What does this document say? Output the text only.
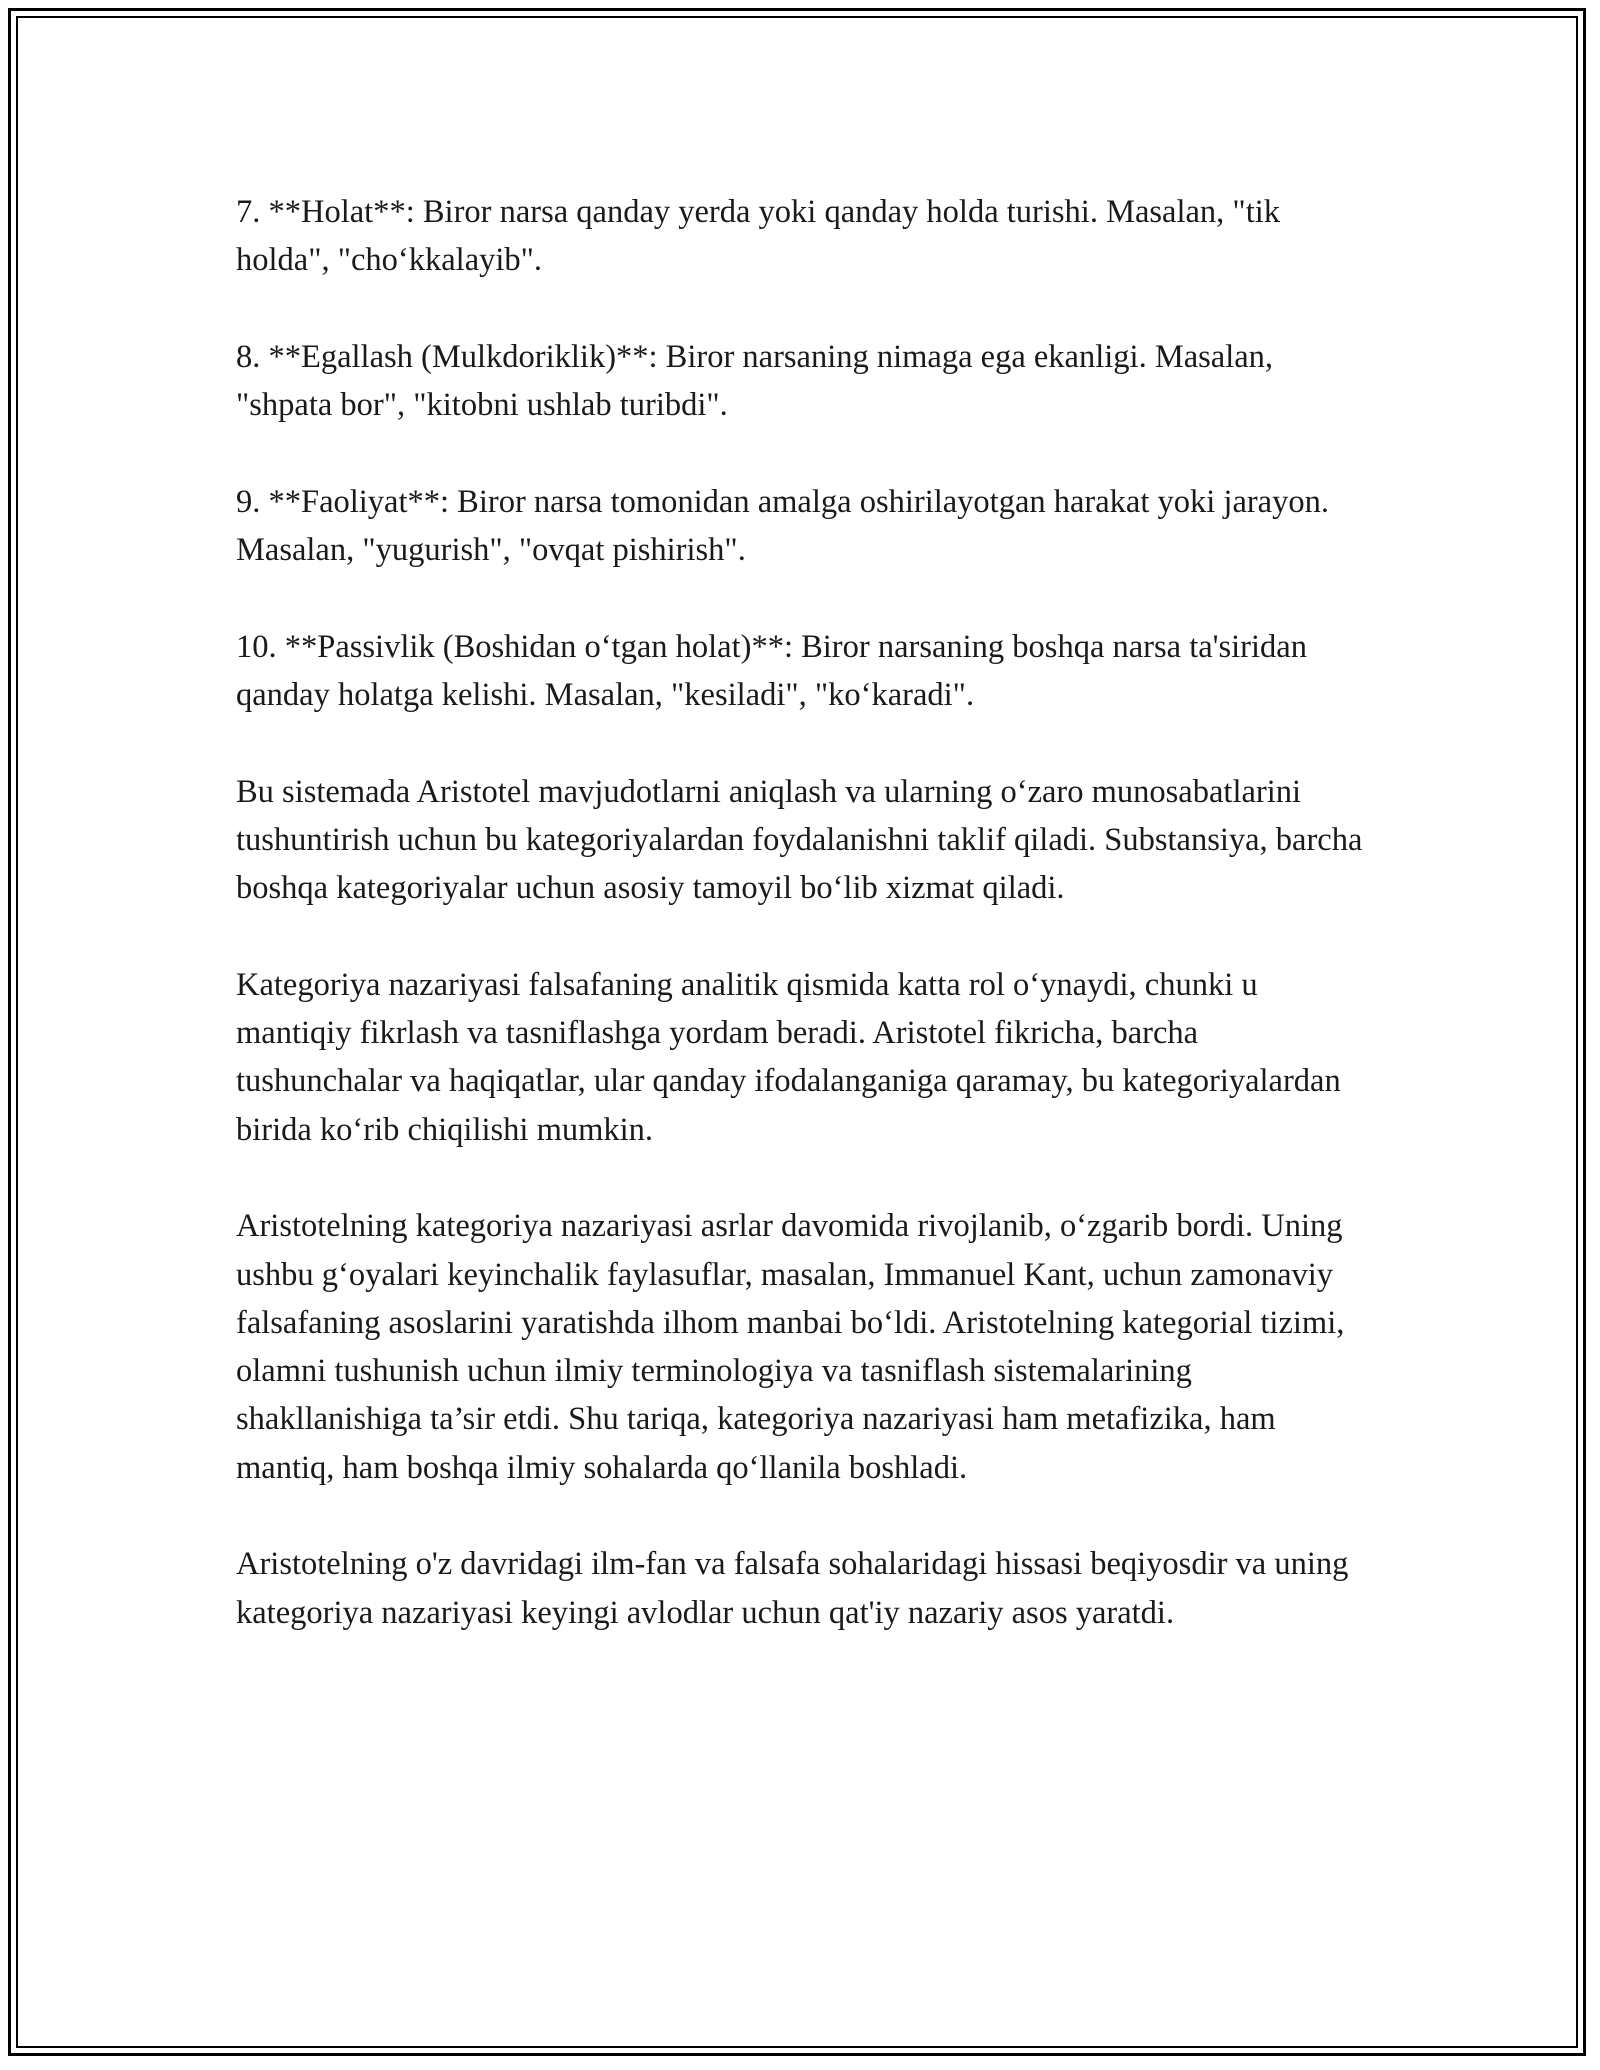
7. **Holat**: Biror narsa qanday yerda yoki qanday holda turishi. Masalan, "tik holda", "cho‘kkalayib".

8. **Egallash (Mulkdoriklik)**: Biror narsaning nimaga ega ekanligi. Masalan, "shpata bor", "kitobni ushlab turibdi".

9. **Faoliyat**: Biror narsa tomonidan amalga oshirilayotgan harakat yoki jarayon. Masalan, "yugurish", "ovqat pishirish".

10. **Passivlik (Boshidan o‘tgan holat)**: Biror narsaning boshqa narsa ta'siridan qanday holatga kelishi. Masalan, "kesiladi", "ko‘karadi".

Bu sistemada Aristotel mavjudotlarni aniqlash va ularning o‘zaro munosabatlarini tushuntirish uchun bu kategoriyalardan foydalanishni taklif qiladi. Substansiya, barcha boshqa kategoriyalar uchun asosiy tamoyil bo‘lib xizmat qiladi.

Kategoriya nazariyasi falsafaning analitik qismida katta rol o‘ynaydi, chunki u mantiqiy fikrlash va tasniflashga yordam beradi. Aristotel fikricha, barcha tushunchalar va haqiqatlar, ular qanday ifodalanganiga qaramay, bu kategoriyalardan birida ko‘rib chiqilishi mumkin.

Aristotelning kategoriya nazariyasi asrlar davomida rivojlanib, o‘zgarib bordi. Uning ushbu g‘oyalari keyinchalik faylasuflar, masalan, Immanuel Kant, uchun zamonaviy falsafaning asoslarini yaratishda ilhom manbai bo‘ldi. Aristotelning kategorial tizimi, olamni tushunish uchun ilmiy terminologiya va tasniflash sistemalarining shakllanishiga ta’sir etdi. Shu tariqa, kategoriya nazariyasi ham metafizika, ham mantiq, ham boshqa ilmiy sohalarda qo‘llanila boshladi.

Aristotelning o'z davridagi ilm-fan va falsafa sohalaridagi hissasi beqiyosdir va uning kategoriya nazariyasi keyingi avlodlar uchun qat'iy nazariy asos yaratdi.
